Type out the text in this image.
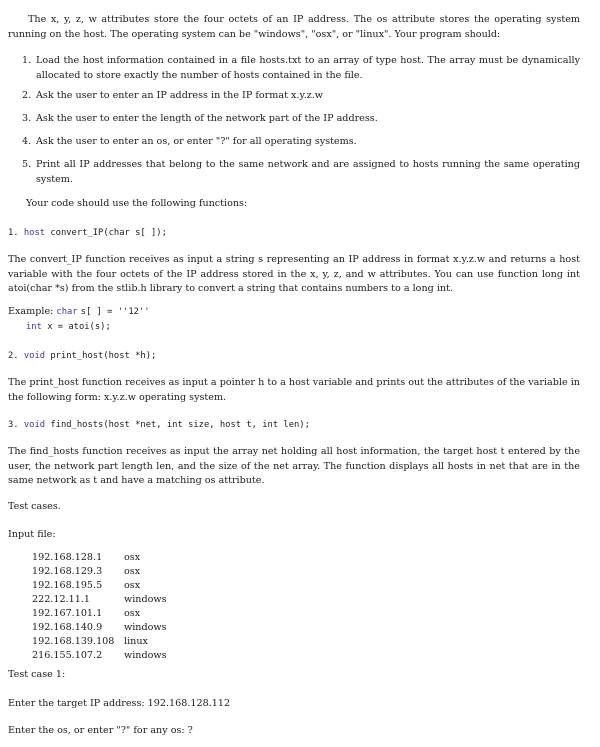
The x, y, z, w attributes store the four octets of an IP address. The os attribute stores the operating system running on the host. The operating system can be "windows", "osx", or "linux". Your program should:
1. Load the host information contained in a file hosts.txt to an array of type host. The array must be dynamically allocated to store exactly the number of hosts contained in the file.
2. Ask the user to enter an IP address in the IP format x.y.z.w
3. Ask the user to enter the length of the network part of the IP address.
4. Ask the user to enter an os, or enter "?" for all operating systems.
5. Print all IP addresses that belong to the same network and are assigned to hosts running the same operating system.
Your code should use the following functions:
1. host convert_IP(char s[ ]);
The convert_IP function receives as input a string s representing an IP address in format x.y.z.w and returns a host variable with the four octets of the IP address stored in the x, y, z, and w attributes. You can use function long int atoi(char *s) from the stlib.h library to convert a string that contains numbers to a long int.
Example: char s[ ] = ''12''
int x = atoi(s);
2. void print_host(host *h);
The print_host function receives as input a pointer h to a host variable and prints out the attributes of the variable in the following form: x.y.z.w operating system.
3. void find_hosts(host *net, int size, host t, int len);
The find_hosts function receives as input the array net holding all host information, the target host t entered by the user, the network part length len, and the size of the net array. The function displays all hosts in net that are in the same network as t and have a matching os attribute.
Test cases.
Input file:
192.168.128.1 osx
192.168.129.3 osx
192.168.195.5 osx
222.12.11.1	windows
192.167.101.1 osx
192.168.140.9 windows
192.168.139.108 linux
216.155.107.2 windows
Test case 1:
Enter the target IP address: 192.168.128.112
Enter the os, or enter "?" for any os: ?
